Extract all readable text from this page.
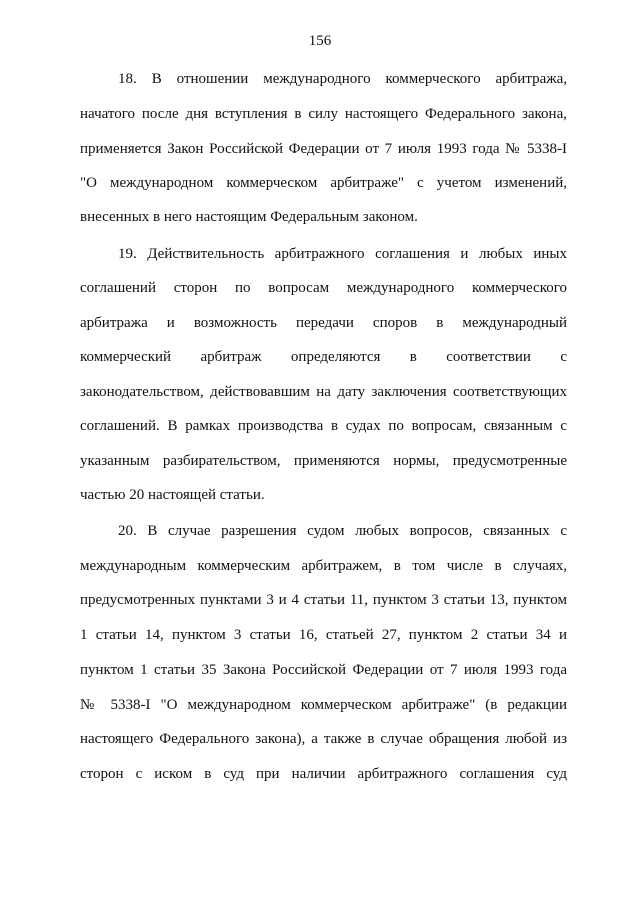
156
18. В отношении международного коммерческого арбитража,
начатого после дня вступления в силу настоящего Федерального закона,
применяется Закон Российской Федерации от 7 июля 1993 года № 5338-I
"О международном коммерческом арбитраже" с учетом изменений,
внесенных в него настоящим Федеральным законом.
19. Действительность арбитражного соглашения и любых иных
соглашений сторон по вопросам международного коммерческого
арбитража и возможность передачи споров в международный
коммерческий арбитраж определяются в соответствии с
законодательством, действовавшим на дату заключения соответствующих
соглашений. В рамках производства в судах по вопросам, связанным с
указанным разбирательством, применяются нормы, предусмотренные
частью 20 настоящей статьи.
20. В случае разрешения судом любых вопросов, связанных с
международным коммерческим арбитражем, в том числе в случаях,
предусмотренных пунктами 3 и 4 статьи 11, пунктом 3 статьи 13, пунктом
1 статьи 14, пунктом 3 статьи 16, статьей 27, пунктом 2 статьи 34 и
пунктом 1 статьи 35 Закона Российской Федерации от 7 июля 1993 года
№ 5338-I "О международном коммерческом арбитраже" (в редакции
настоящего Федерального закона), а также в случае обращения любой из
сторон с иском в суд при наличии арбитражного соглашения суд
